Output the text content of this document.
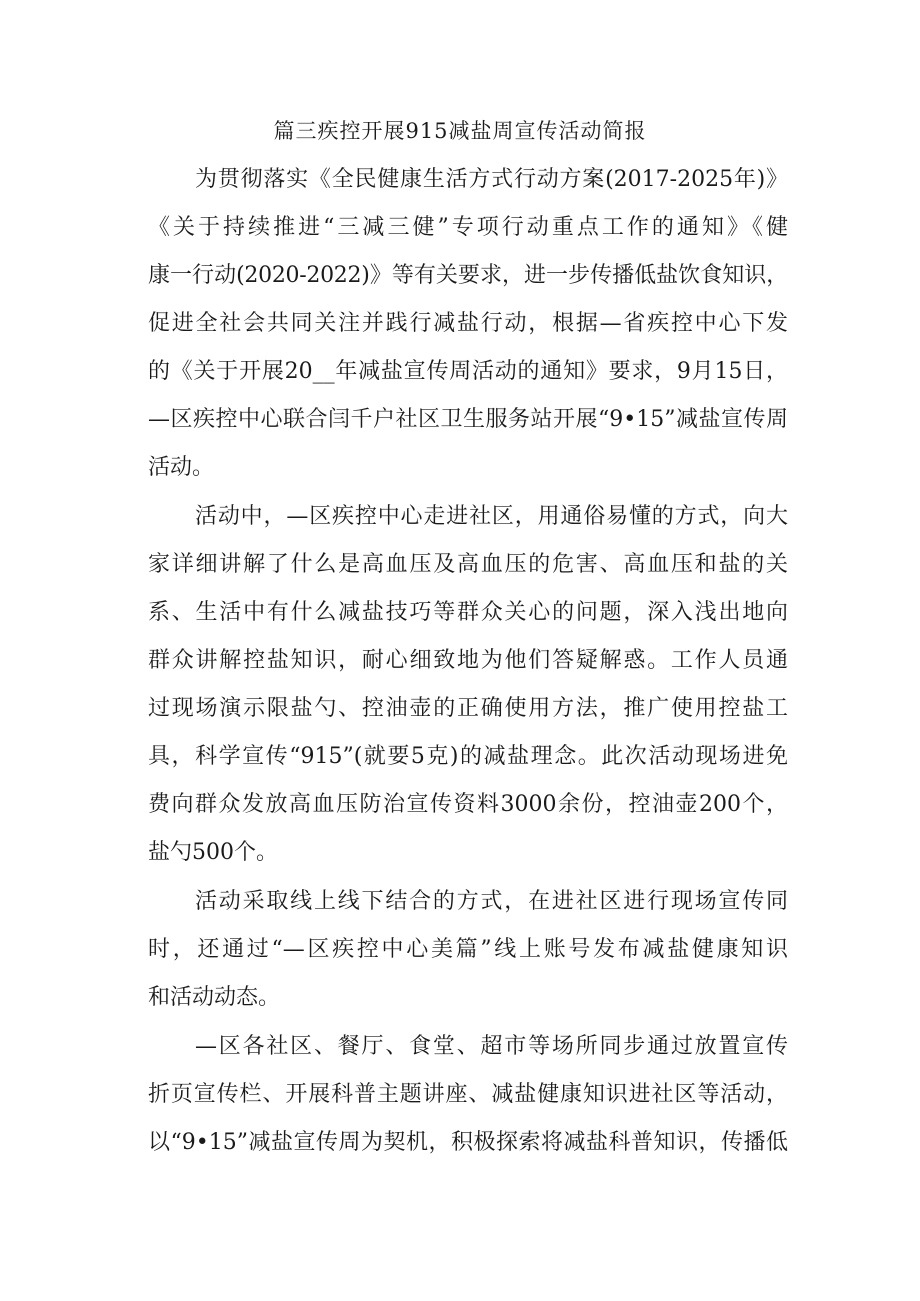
篇三疾控开展915减盐周宣传活动简报
为贯彻落实《全民健康生活方式行动方案(2017-2025年)》
《关于持续推进“三减三健”专项行动重点工作的通知》《健
康一行动(2020-2022)》等有关要求，进一步传播低盐饮食知识，
促进全社会共同关注并践行减盐行动，根据—省疾控中心下发
的《关于开展20__年减盐宣传周活动的通知》要求，9月15日，
—区疾控中心联合闫千户社区卫生服务站开展“9•15”减盐宣传周
活动。
活动中，—区疾控中心走进社区，用通俗易懂的方式，向大
家详细讲解了什么是高血压及高血压的危害、高血压和盐的关
系、生活中有什么减盐技巧等群众关心的问题，深入浅出地向
群众讲解控盐知识，耐心细致地为他们答疑解惑。工作人员通
过现场演示限盐勺、控油壶的正确使用方法，推广使用控盐工
具，科学宣传“915”(就要5克)的减盐理念。此次活动现场进免
费向群众发放高血压防治宣传资料3000余份，控油壶200个，
盐勺500个。
活动采取线上线下结合的方式，在进社区进行现场宣传同
时，还通过“—区疾控中心美篇”线上账号发布减盐健康知识
和活动动态。
—区各社区、餐厅、食堂、超市等场所同步通过放置宣传
折页宣传栏、开展科普主题讲座、减盐健康知识进社区等活动，
以“9•15”减盐宣传周为契机，积极探索将减盐科普知识，传播低
